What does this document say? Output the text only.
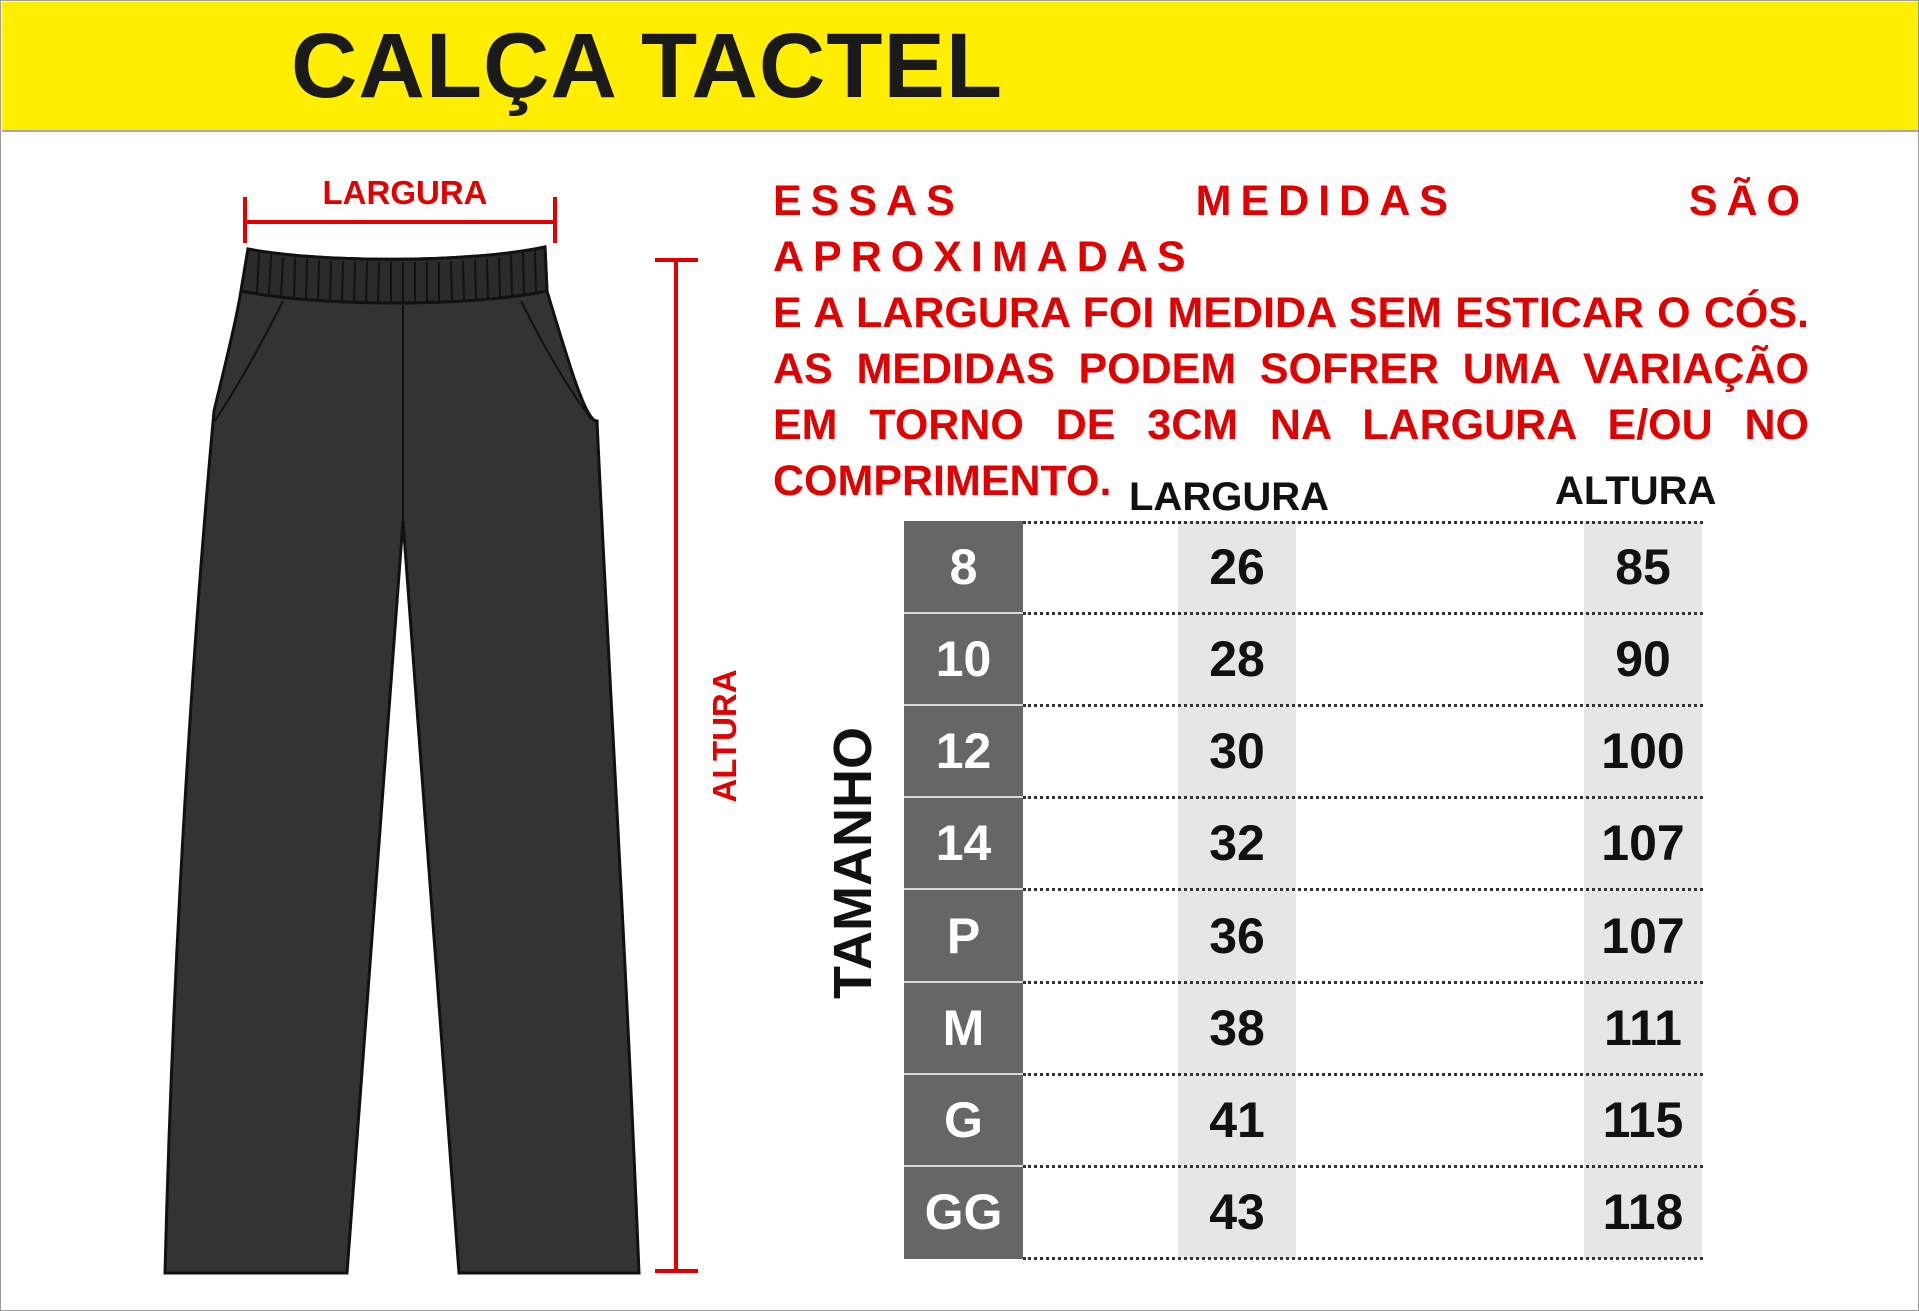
CALÇA TACTEL
LARGURA
ALTURA
ESSAS MEDIDAS SÃO APROXIMADAS
E A LARGURA FOI MEDIDA SEM ESTICAR O CÓS.
AS MEDIDAS PODEM SOFRER UMA VARIAÇÃO
EM TORNO DE 3CM NA LARGURA E/OU NO
COMPRIMENTO. LARGURA	ALTURA
TAMANHO
8	26	85
10	28	90
12	30	100
14	32	107
P	36	107
M	38	111
G	41	115
GG	43	118
